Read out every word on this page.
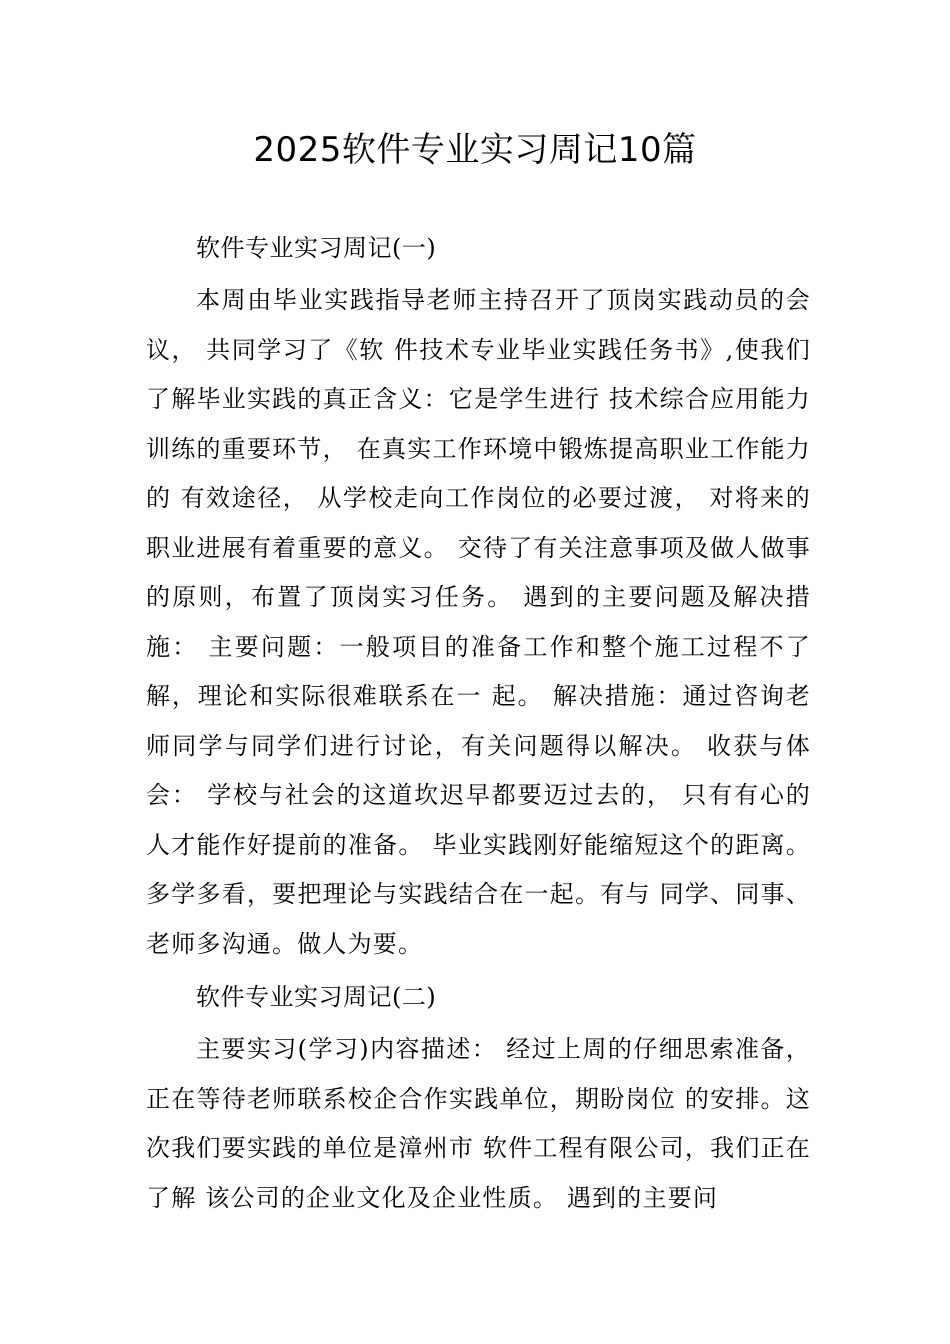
2025软件专业实习周记10篇

软件专业实习周记(一)

本周由毕业实践指导老师主持召开了顶岗实践动员的会议， 共同学习了《软 件技术专业毕业实践任务书》,使我们了解毕业实践的真正含义：它是学生进行 技术综合应用能力训练的重要环节， 在真实工作环境中锻炼提高职业工作能力的 有效途径， 从学校走向工作岗位的必要过渡， 对将来的职业进展有着重要的意义。 交待了有关注意事项及做人做事的原则，布置了顶岗实习任务。 遇到的主要问题及解决措施： 主要问题：一般项目的准备工作和整个施工过程不了解，理论和实际很难联系在一 起。 解决措施：通过咨询老师同学与同学们进行讨论，有关问题得以解决。 收获与体会： 学校与社会的这道坎迟早都要迈过去的， 只有有心的人才能作好提前的准备。 毕业实践刚好能缩短这个的距离。多学多看，要把理论与实践结合在一起。有与 同学、同事、老师多沟通。做人为要。

软件专业实习周记(二)

主要实习(学习)内容描述： 经过上周的仔细思索准备， 正在等待老师联系校企合作实践单位，期盼岗位 的安排。这次我们要实践的单位是漳州市 软件工程有限公司，我们正在了解 该公司的企业文化及企业性质。 遇到的主要问
